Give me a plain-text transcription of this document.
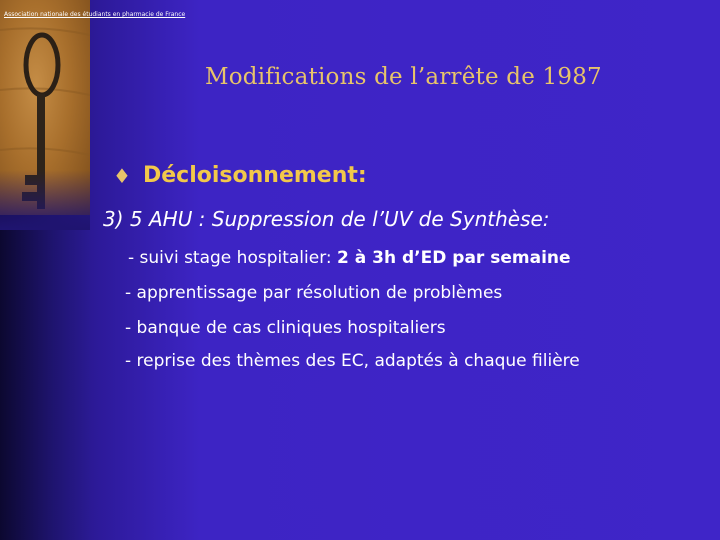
Association nationale des étudiants en pharmacie de France
Modifications de l’arrête de 1987
♦ Décloisonnement:
3) 5 AHU : Suppression de l’UV de Synthèse:
- suivi stage hospitalier: 2 à 3h d’ED par semaine
- apprentissage par résolution de problèmes
- banque de cas cliniques hospitaliers
- reprise des thèmes des EC, adaptés à chaque filière
